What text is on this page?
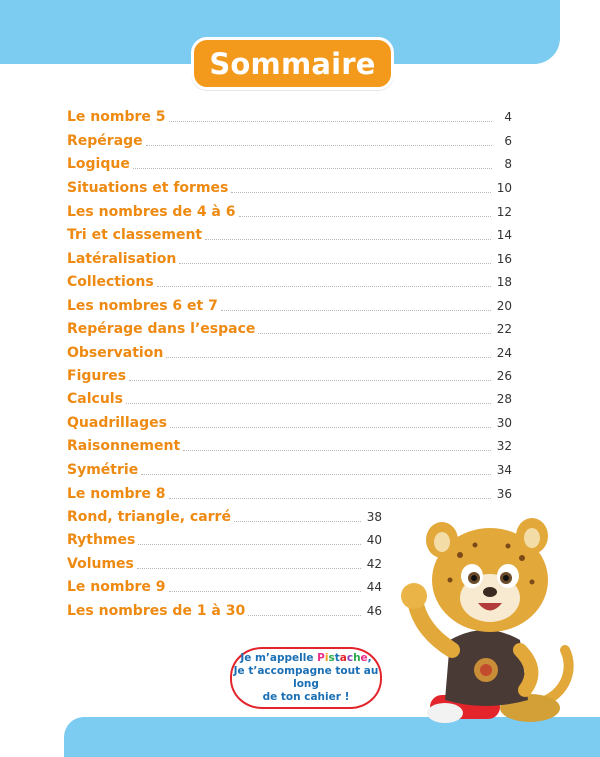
Sommaire
Le nombre 5	4
Repérage	6
Logique	8
Situations et formes	10
Les nombres de 4 à 6	12
Tri et classement	14
Latéralisation	16
Collections	18
Les nombres 6 et 7	20
Repérage dans l’espace	22
Observation	24
Figures	26
Calculs	28
Quadrillages	30
Raisonnement	32
Symétrie	34
Le nombre 8	36
Rond, triangle, carré	38
Rythmes	40
Volumes	42
Le nombre 9	44
Les nombres de 1 à 30	46
Je m’appelle Pistache,
Je t’accompagne tout au long
de ton cahier !
